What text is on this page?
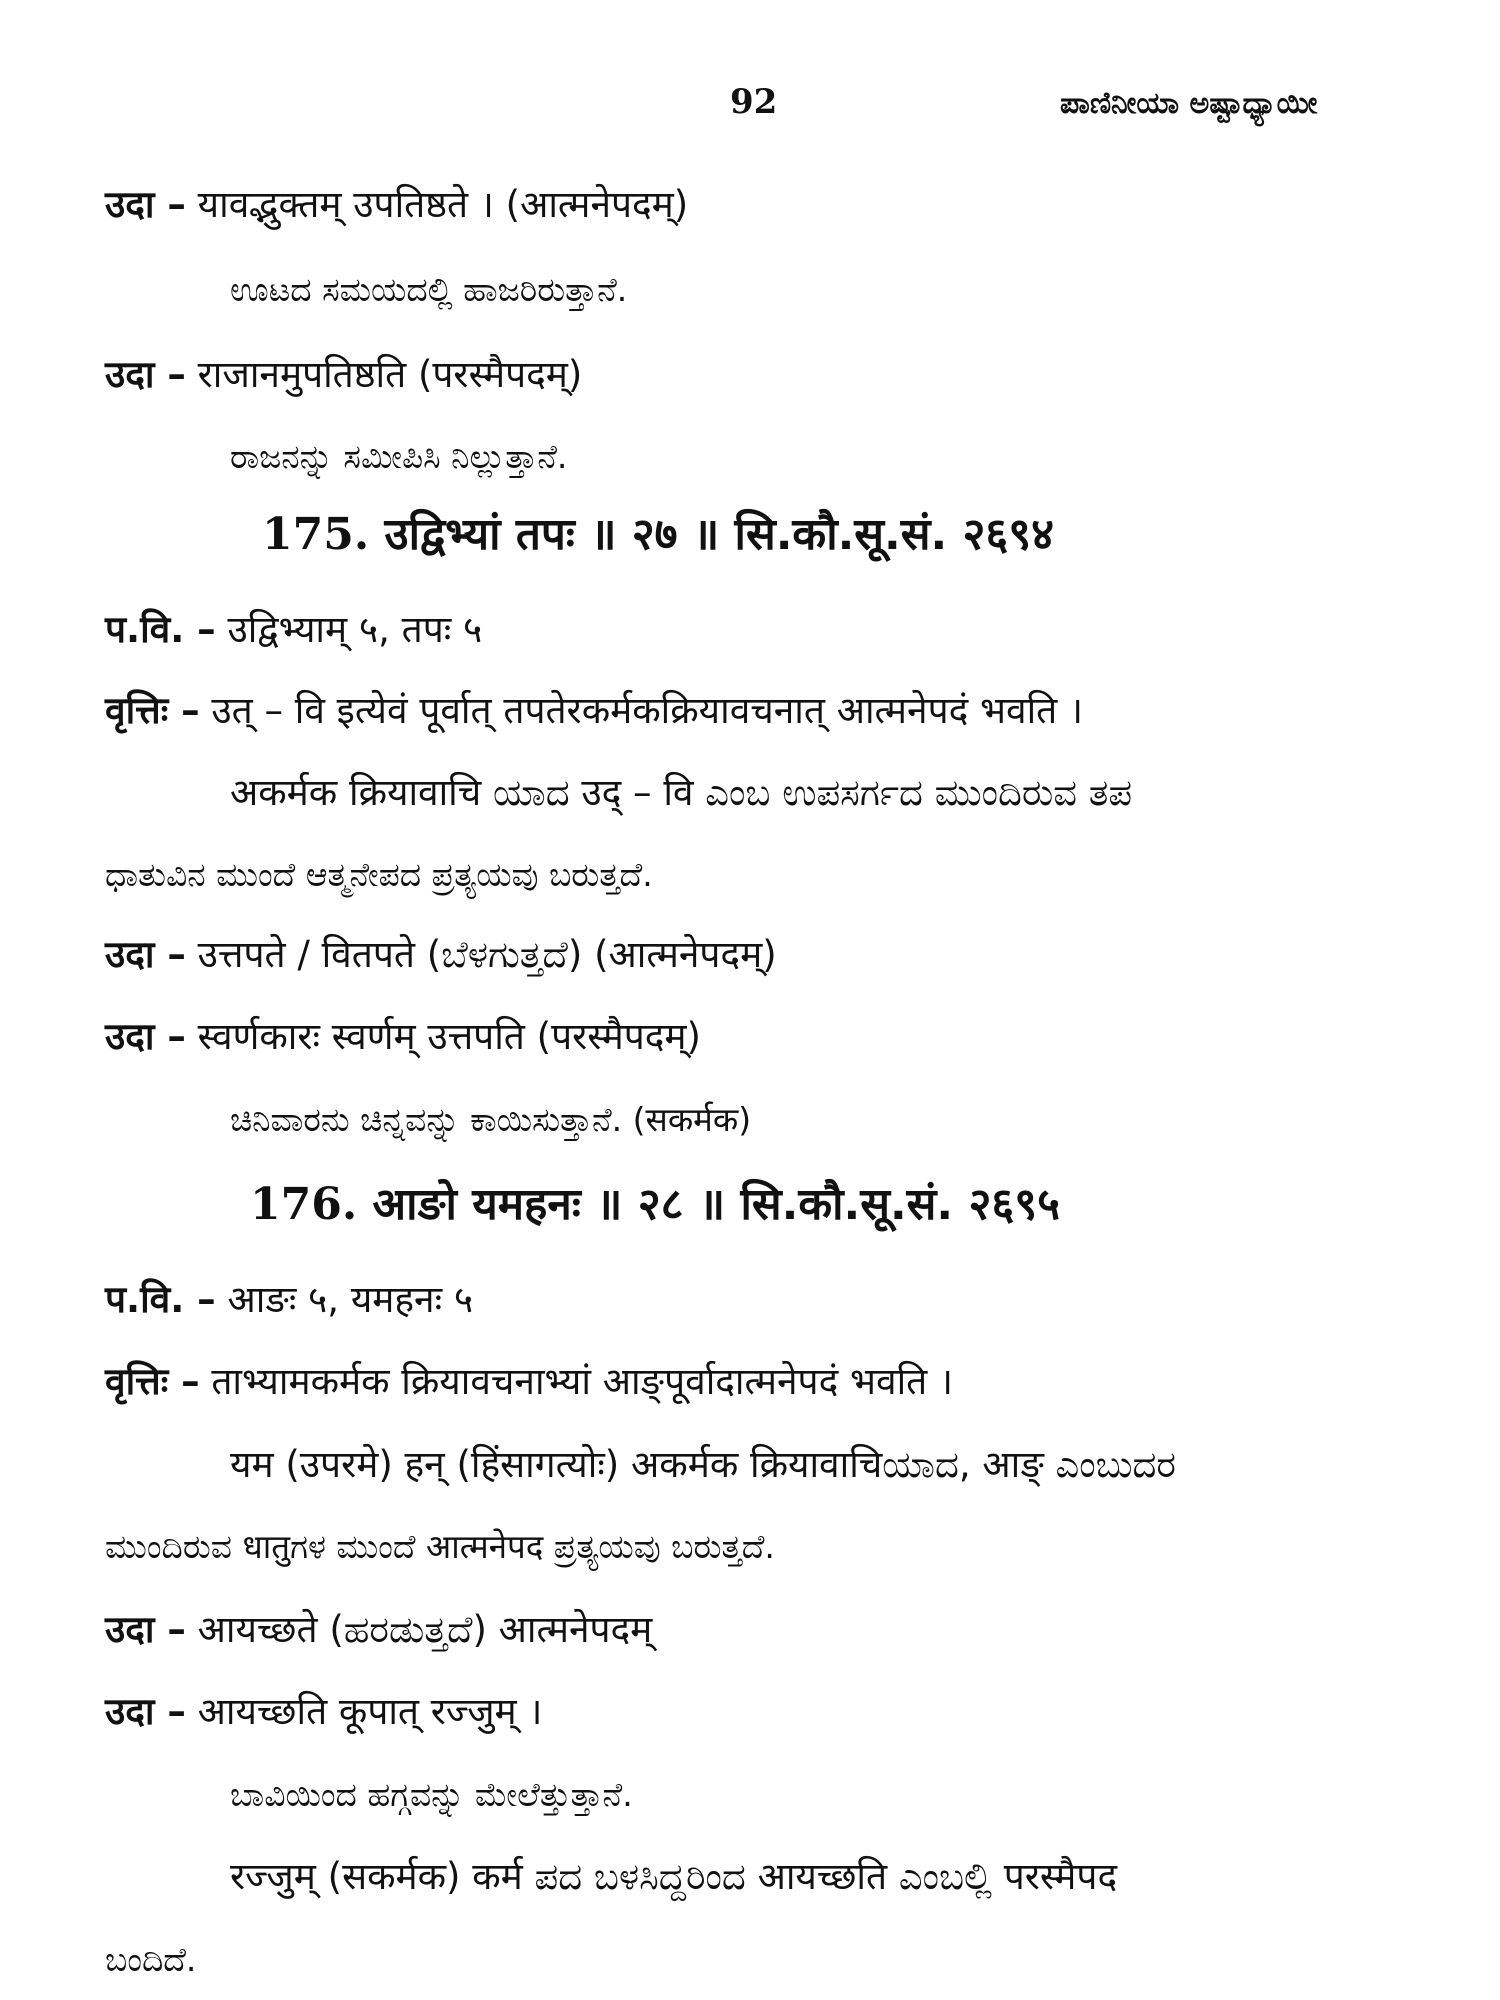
92	ಪಾಣಿನೀಯಾ ಅಷ್ಟಾಧ್ಯಾಯೀ
उदा – यावद्भुक्तम् उपतिष्ठते । (आत्मनेपदम्)
ಊಟದ ಸಮಯದಲ್ಲಿ ಹಾಜರಿರುತ್ತಾನೆ.
उदा – राजानमुपतिष्ठति (परस्मैपदम्)
ರಾಜನನ್ನು ಸಮೀಪಿಸಿ ನಿಲ್ಲುತ್ತಾನೆ.
175. उद्विभ्यां तपः ॥ २७ ॥ सि.कौ.सू.सं. २६९४
प.वि. – उद्विभ्याम् ५, तपः ५
वृत्तिः – उत् – वि इत्येवं पूर्वात् तपतेरकर्मकक्रियावचनात् आत्मनेपदं भवति ।
अकर्मक क्रियावाचि ಯಾದ उद् – वि ಎಂಬ ಉಪಸರ್ಗದ ಮುಂದಿರುವ ತಪ
ಧಾತುವಿನ ಮುಂದೆ ಆತ್ಮನೇಪದ ಪ್ರತ್ಯಯವು ಬರುತ್ತದೆ.
उदा – उत्तपते / वितपते (ಬೆಳಗುತ್ತದೆ) (आत्मनेपदम्)
उदा – स्वर्णकारः स्वर्णम् उत्तपति (परस्मैपदम्)
ಚಿನಿವಾರನು ಚಿನ್ನವನ್ನು ಕಾಯಿಸುತ್ತಾನೆ. (सकर्मक)
176. आङो यमहनः ॥ २८ ॥ सि.कौ.सू.सं. २६९५
प.वि. – आङः ५, यमहनः ५
वृत्तिः – ताभ्यामकर्मक क्रियावचनाभ्यां आङ्पूर्वादात्मनेपदं भवति ।
यम (उपरमे) हन् (हिंसागत्योः) अकर्मक क्रियावाचिಯಾದ, आङ् ಎಂಬುದರ
ಮುಂದಿರುವ धातुಗಳ ಮುಂದೆ आत्मनेपद ಪ್ರತ್ಯಯವು ಬರುತ್ತದೆ.
उदा – आयच्छते (ಹರಡುತ್ತದೆ) आत्मनेपदम्
उदा – आयच्छति कूपात् रज्जुम् ।
ಬಾವಿಯಿಂದ ಹಗ್ಗವನ್ನು ಮೇಲೆತ್ತುತ್ತಾನೆ.
रज्जुम् (सकर्मक) कर्म ಪದ ಬಳಸಿದ್ದರಿಂದ आयच्छति ಎಂಬಲ್ಲಿ परस्मैपद
ಬಂದಿದೆ.
